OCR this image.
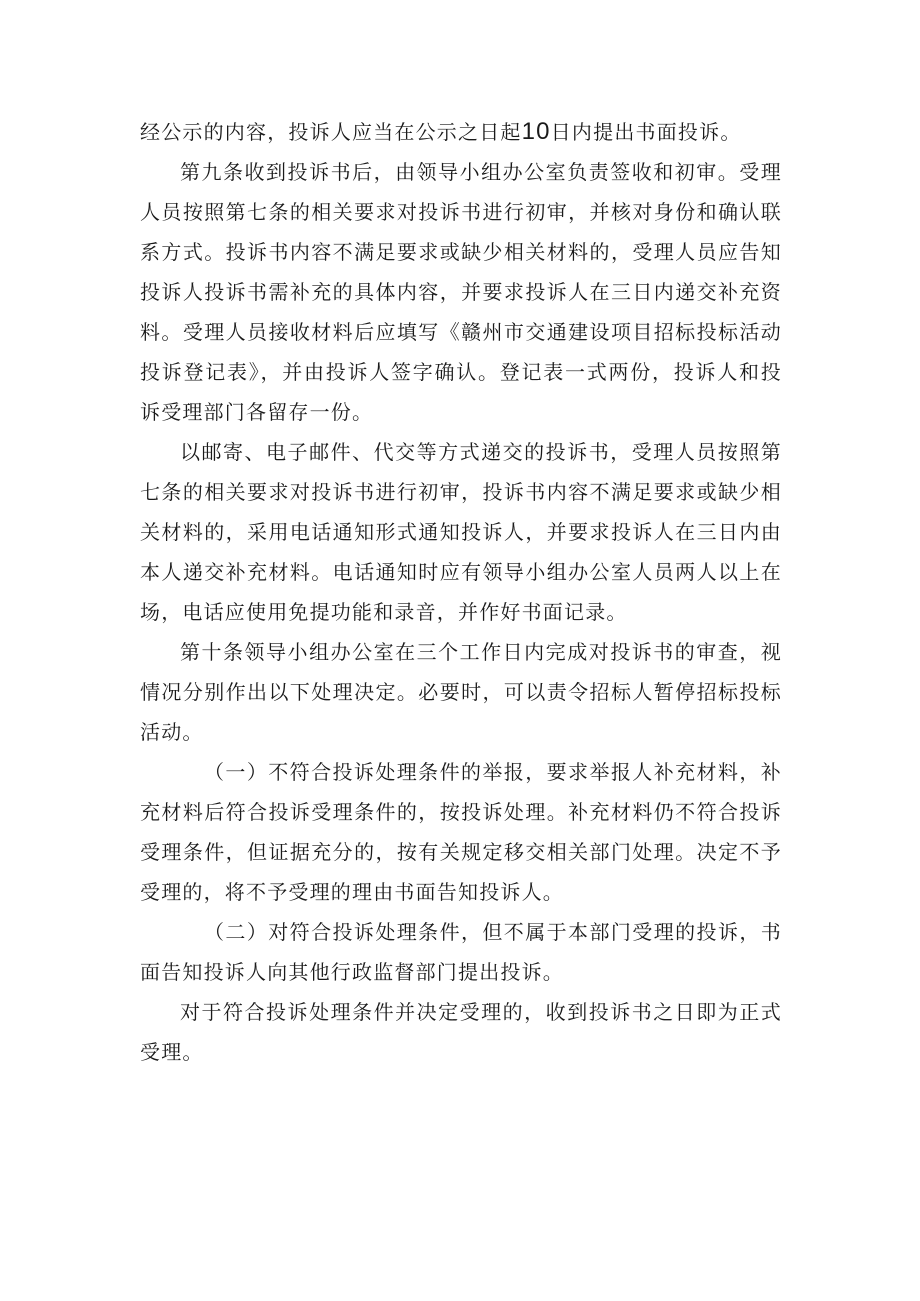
经公示的内容，投诉人应当在公示之日起10日内提出书面投诉。

第九条收到投诉书后，由领导小组办公室负责签收和初审。受理人员按照第七条的相关要求对投诉书进行初审，并核对身份和确认联系方式。投诉书内容不满足要求或缺少相关材料的，受理人员应告知投诉人投诉书需补充的具体内容，并要求投诉人在三日内递交补充资料。受理人员接收材料后应填写《赣州市交通建设项目招标投标活动投诉登记表》，并由投诉人签字确认。登记表一式两份，投诉人和投诉受理部门各留存一份。

以邮寄、电子邮件、代交等方式递交的投诉书，受理人员按照第七条的相关要求对投诉书进行初审，投诉书内容不满足要求或缺少相关材料的，采用电话通知形式通知投诉人，并要求投诉人在三日内由本人递交补充材料。电话通知时应有领导小组办公室人员两人以上在场，电话应使用免提功能和录音，并作好书面记录。

第十条领导小组办公室在三个工作日内完成对投诉书的审查，视情况分别作出以下处理决定。必要时，可以责令招标人暂停招标投标活动。

（一）不符合投诉处理条件的举报，要求举报人补充材料，补充材料后符合投诉受理条件的，按投诉处理。补充材料仍不符合投诉受理条件，但证据充分的，按有关规定移交相关部门处理。决定不予受理的，将不予受理的理由书面告知投诉人。

（二）对符合投诉处理条件，但不属于本部门受理的投诉，书面告知投诉人向其他行政监督部门提出投诉。

对于符合投诉处理条件并决定受理的，收到投诉书之日即为正式受理。
